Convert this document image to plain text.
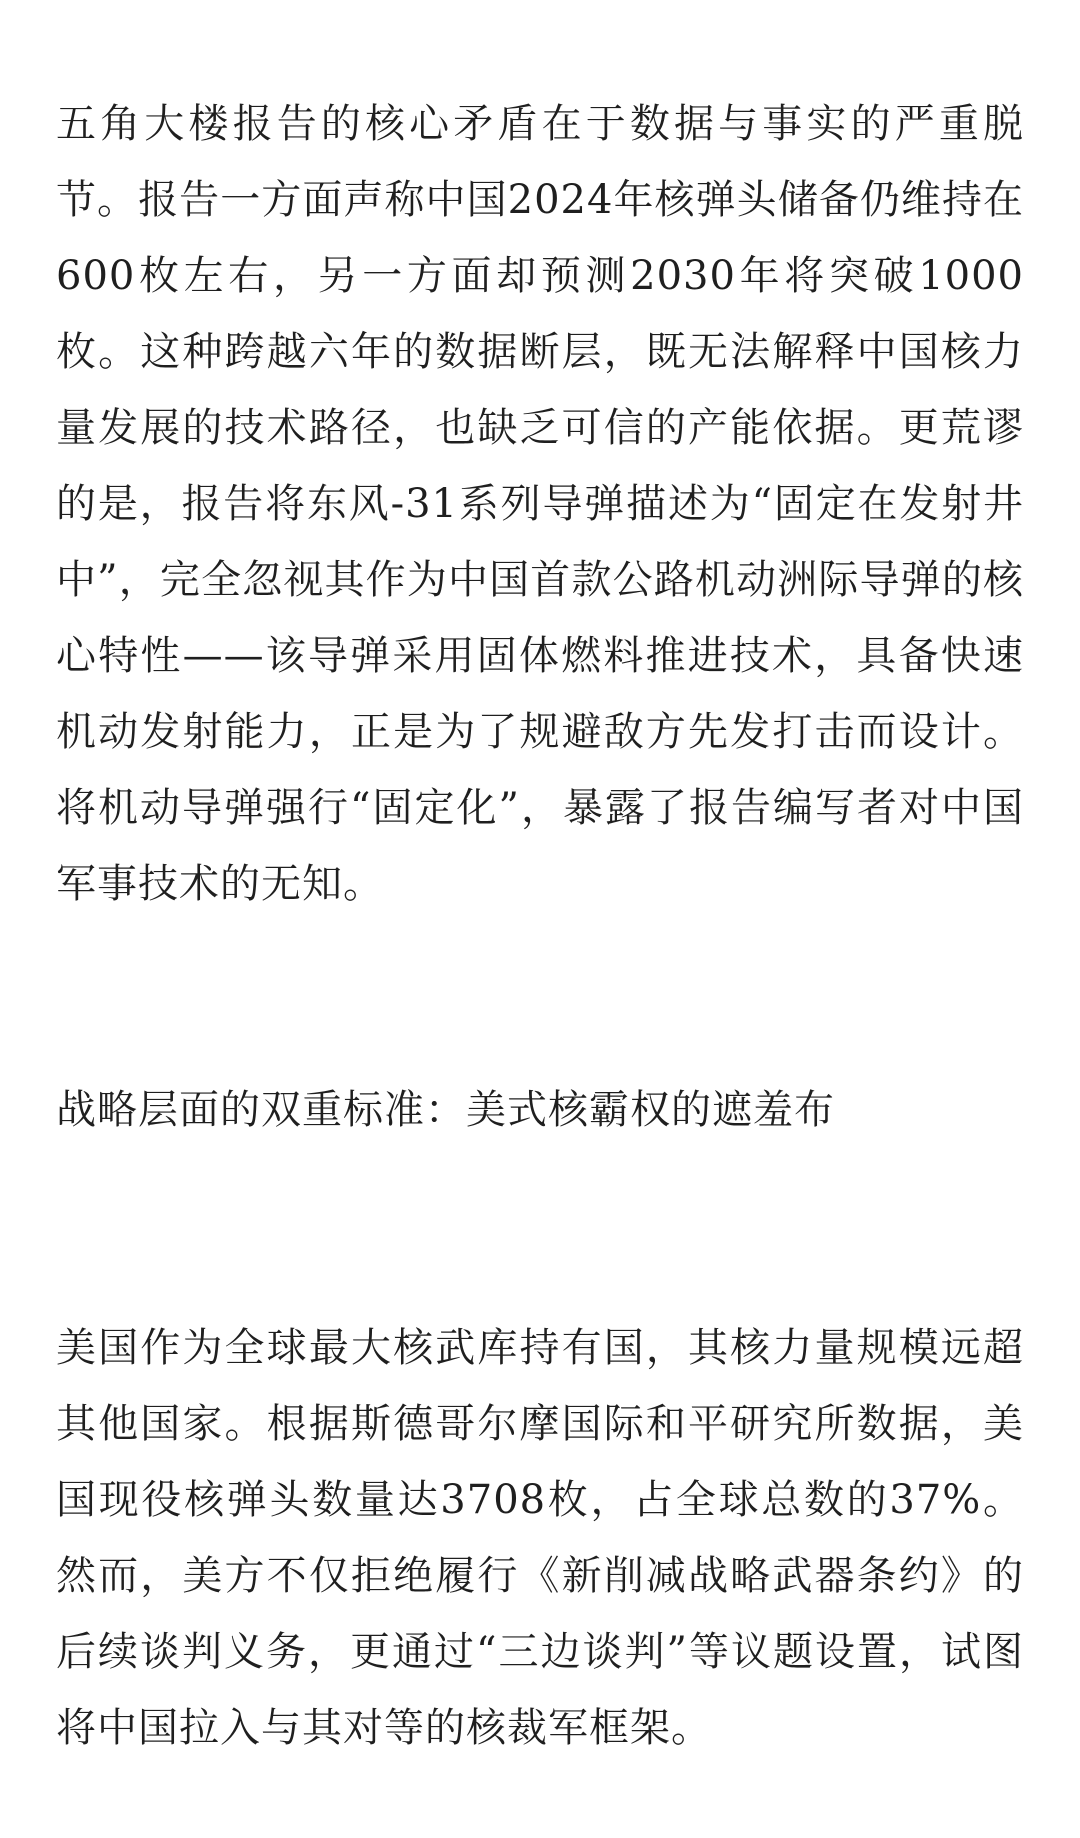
五角大楼报告的核心矛盾在于数据与事实的严重脱节。报告一方面声称中国2024年核弹头储备仍维持在600枚左右，另一方面却预测2030年将突破1000枚。这种跨越六年的数据断层，既无法解释中国核力量发展的技术路径，也缺乏可信的产能依据。更荒谬的是，报告将东风-31系列导弹描述为“固定在发射井中”，完全忽视其作为中国首款公路机动洲际导弹的核心特性——该导弹采用固体燃料推进技术，具备快速机动发射能力，正是为了规避敌方先发打击而设计。将机动导弹强行“固定化”，暴露了报告编写者对中国军事技术的无知。

战略层面的双重标准：美式核霸权的遮羞布

美国作为全球最大核武库持有国，其核力量规模远超其他国家。根据斯德哥尔摩国际和平研究所数据，美国现役核弹头数量达3708枚，占全球总数的37%。然而，美方不仅拒绝履行《新削减战略武器条约》的后续谈判义务，更通过“三边谈判”等议题设置，试图将中国拉入与其对等的核裁军框架。
